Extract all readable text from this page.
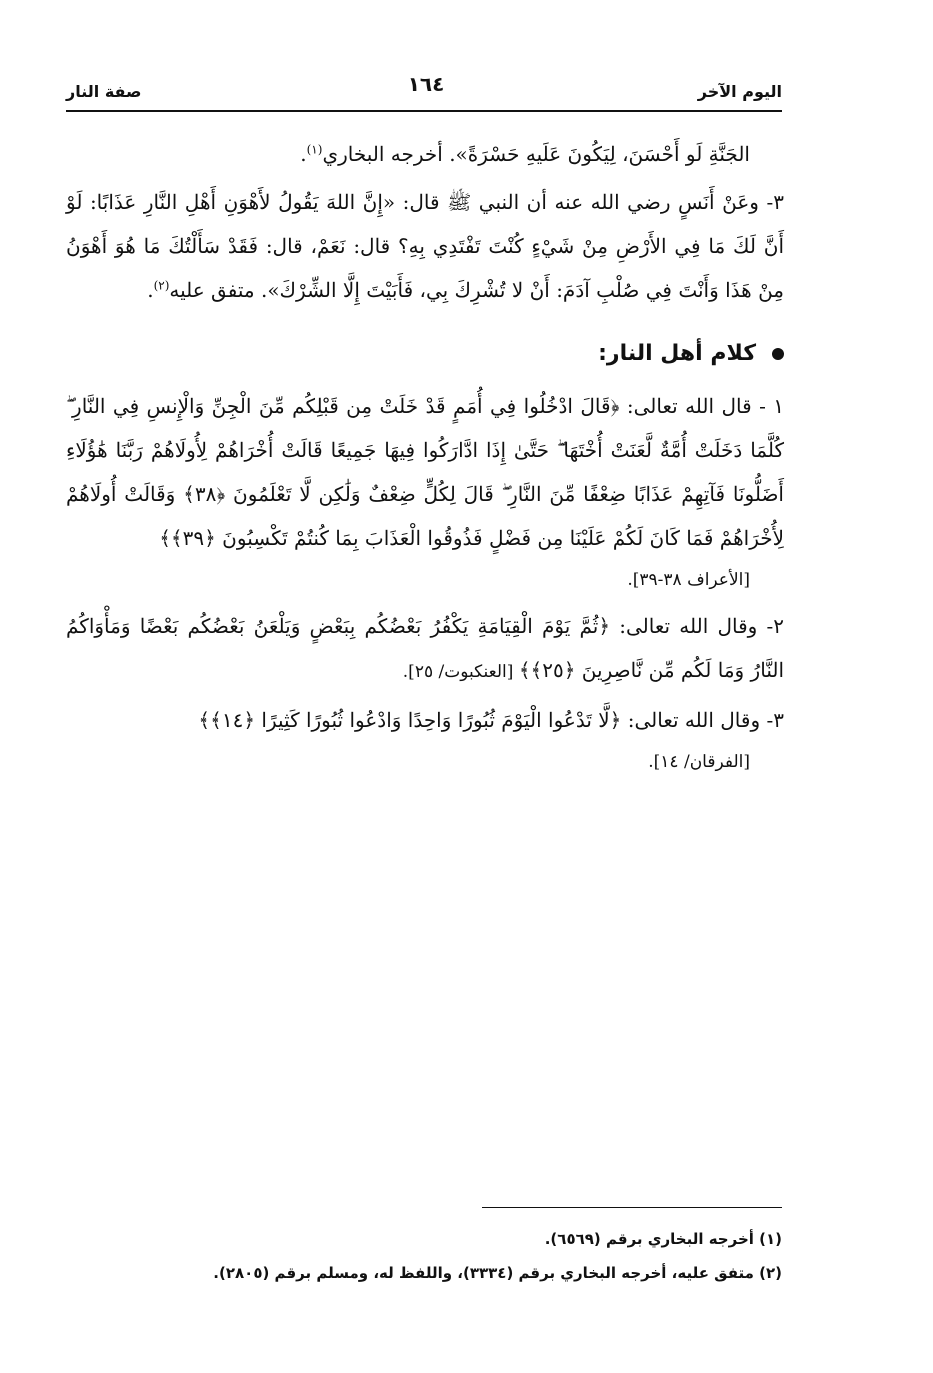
اليوم الآخر
١٦٤
صفة النار

الجَنَّةِ لَو أَحْسَنَ، لِيَكُونَ عَلَيهِ حَسْرَةً». أخرجه البخاري$^{(١)}$.

٣- وعَنْ أَنَسٍ رضي الله عنه أن النبي ﷺ قال: «إِنَّ اللهَ يَقُولُ لأَهْوَنِ أَهْلِ النَّارِ عَذَابًا: لَوْ أَنَّ لَكَ مَا فِي الأَرْضِ مِنْ شَيْءٍ كُنْتَ تَفْتَدِي بِهِ؟ قال: نَعَمْ، قال: فَقَدْ سَأَلْتُكَ مَا هُوَ أَهْوَنُ مِنْ هَذَا وَأَنْتَ فِي صُلْبِ آدَمَ: أَنْ لا تُشْرِكَ بِي، فَأَبَيْتَ إِلَّا الشِّرْكَ». متفق عليه$^{(٢)}$.

كلام أهل النار:

١ - قال الله تعالى: ﴿قَالَ ادْخُلُوا فِي أُمَمٍ قَدْ خَلَتْ مِن قَبْلِكُم مِّنَ الْجِنِّ وَالْإِنسِ فِي النَّارِ ۖ كُلَّمَا دَخَلَتْ أُمَّةٌ لَّعَنَتْ أُخْتَهَا ۖ حَتَّىٰ إِذَا ادَّارَكُوا فِيهَا جَمِيعًا قَالَتْ أُخْرَاهُمْ لِأُولَاهُمْ رَبَّنَا هَٰؤُلَاءِ أَضَلُّونَا فَآتِهِمْ عَذَابًا ضِعْفًا مِّنَ النَّارِ ۖ قَالَ لِكُلٍّ ضِعْفٌ وَلَٰكِن لَّا تَعْلَمُونَ ﴿٣٨﴾ وَقَالَتْ أُولَاهُمْ لِأُخْرَاهُمْ فَمَا كَانَ لَكُمْ عَلَيْنَا مِن فَضْلٍ فَذُوقُوا الْعَذَابَ بِمَا كُنتُمْ تَكْسِبُونَ ﴿٣٩﴾﴾

[الأعراف ٣٨-٣٩].

٢- وقال الله تعالى: ﴿ثُمَّ يَوْمَ الْقِيَامَةِ يَكْفُرُ بَعْضُكُم بِبَعْضٍ وَيَلْعَنُ بَعْضُكُم بَعْضًا وَمَأْوَاكُمُ النَّارُ وَمَا لَكُم مِّن نَّاصِرِينَ ﴿٢٥﴾﴾ [العنكبوت/ ٢٥].

٣- وقال الله تعالى: ﴿لَّا تَدْعُوا الْيَوْمَ ثُبُورًا وَاحِدًا وَادْعُوا ثُبُورًا كَثِيرًا ﴿١٤﴾﴾

[الفرقان/ ١٤].

(١) أخرجه البخاري برقم (٦٥٦٩).

(٢) متفق عليه، أخرجه البخاري برقم (٣٣٣٤)، واللفظ له، ومسلم برقم (٢٨٠٥).
